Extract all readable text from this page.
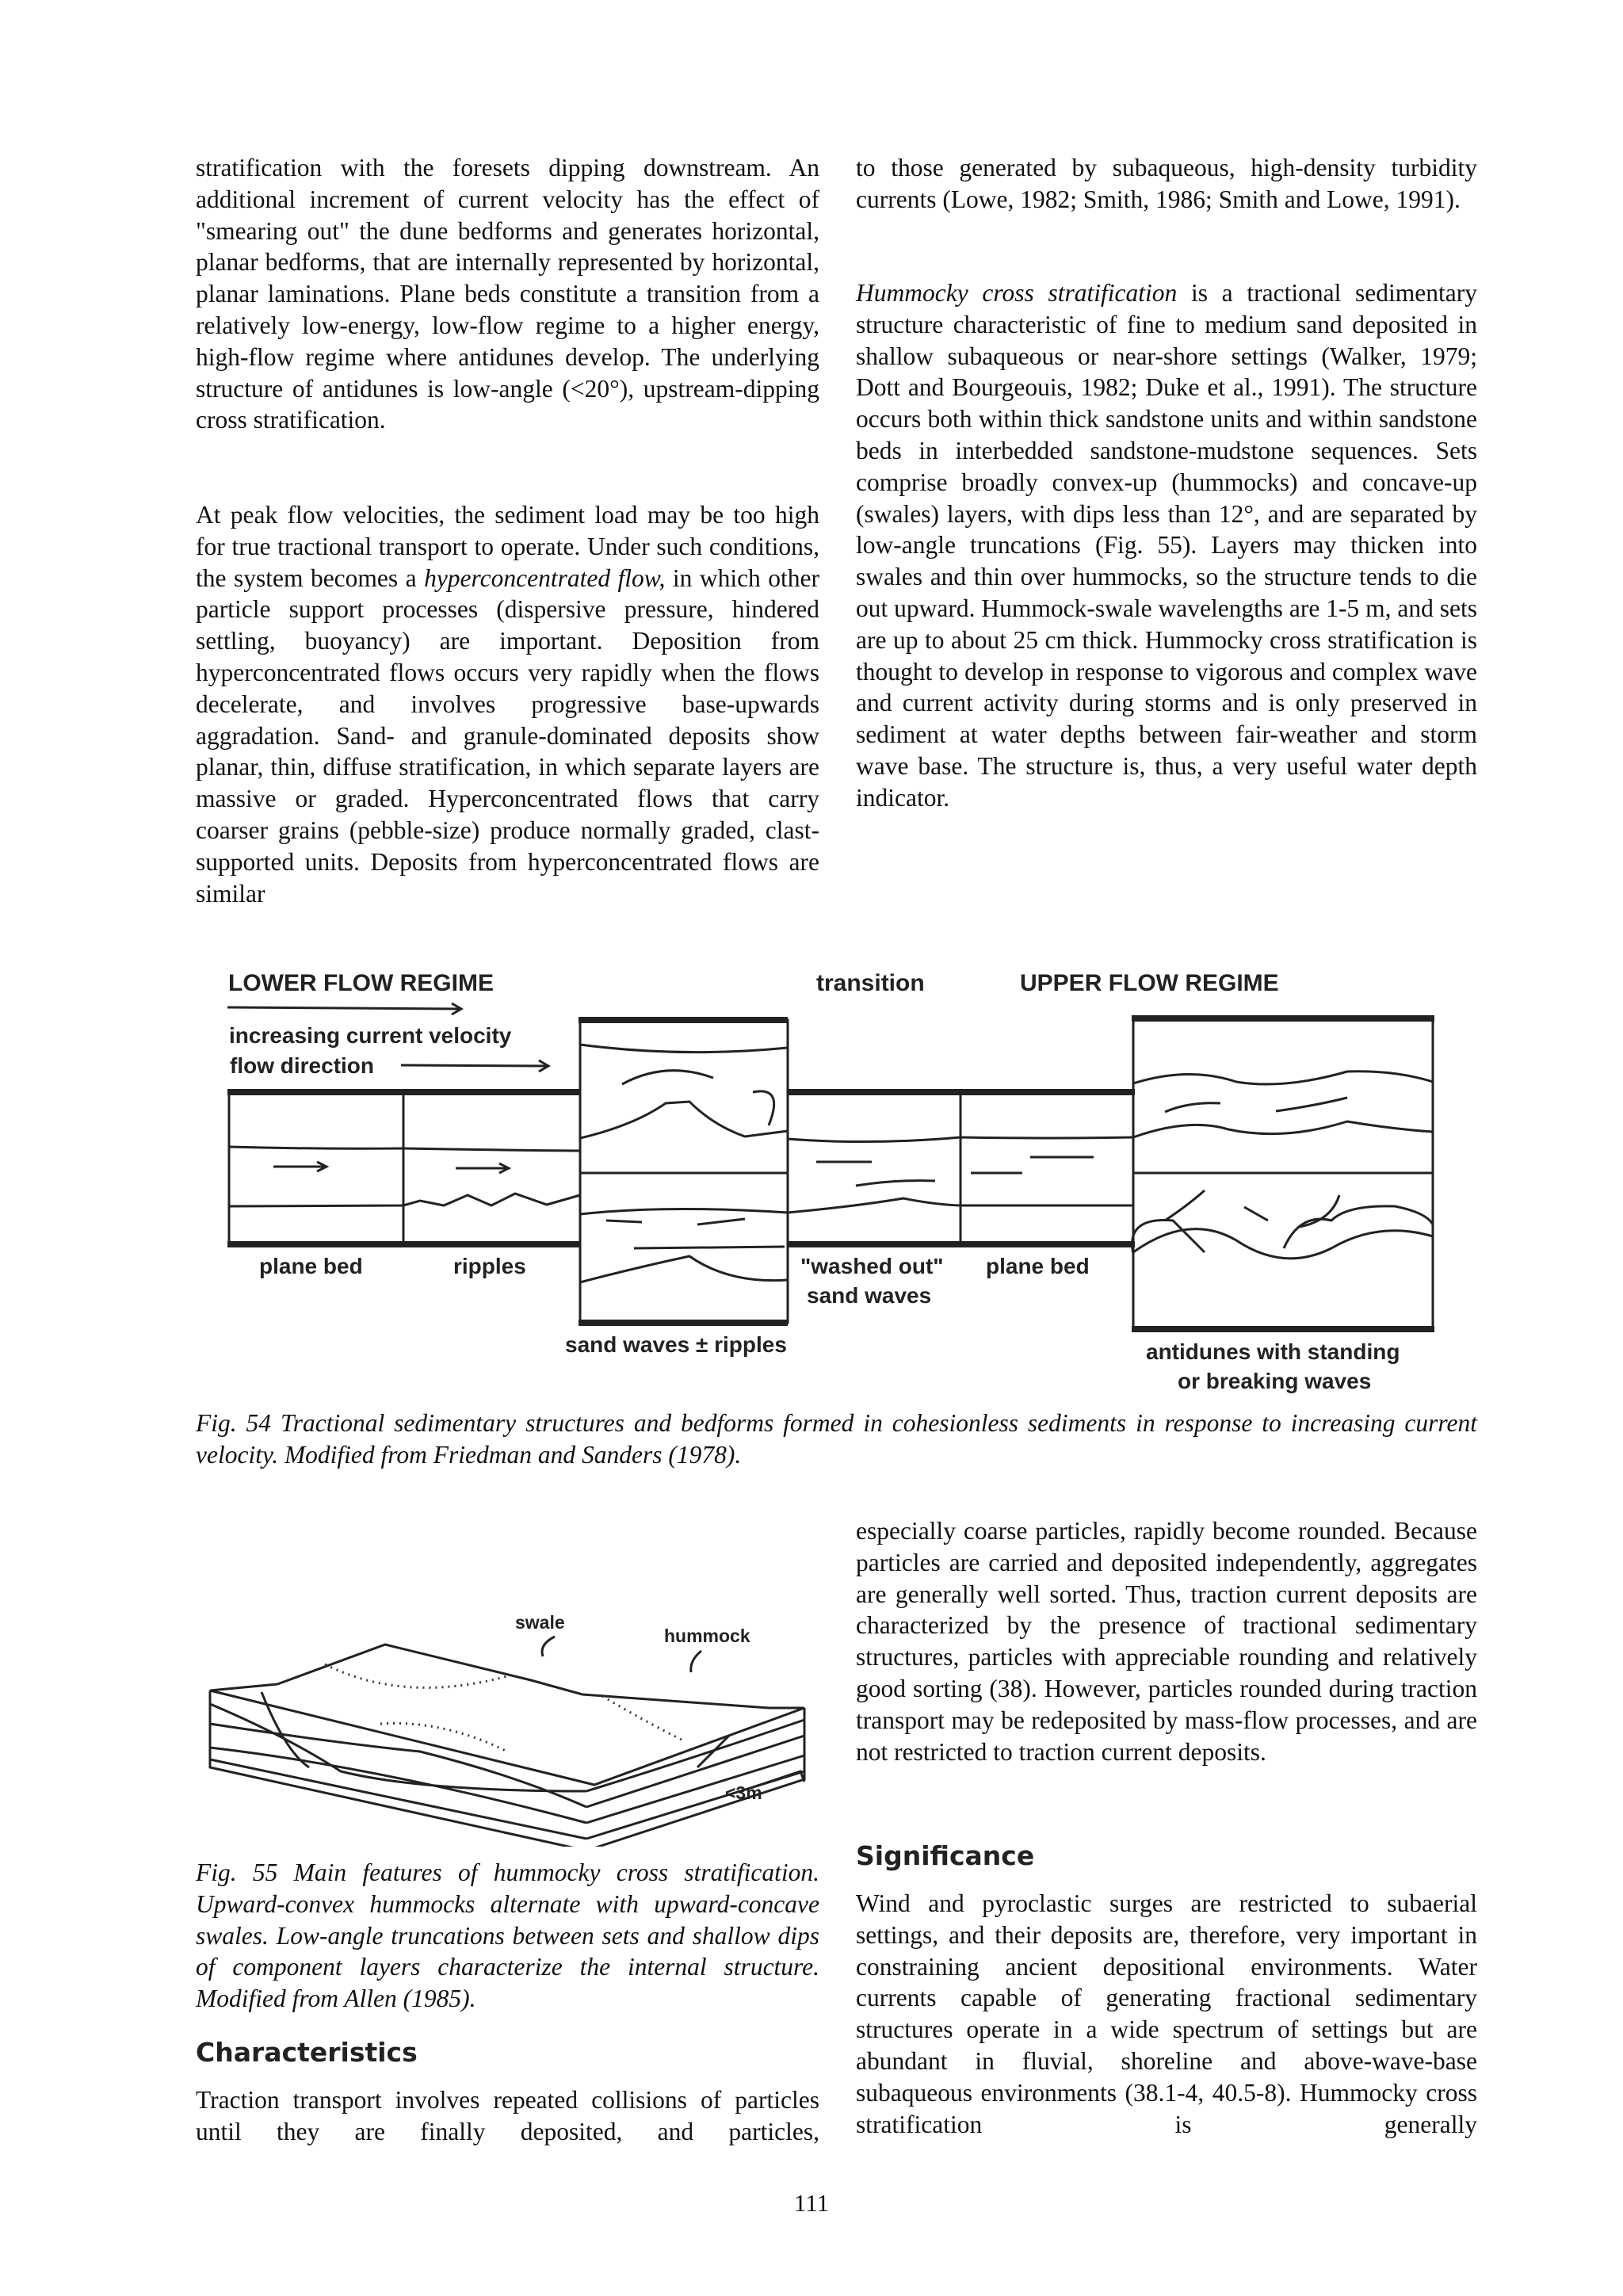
stratification with the foresets dipping downstream. An additional increment of current velocity has the effect of "smearing out" the dune bedforms and generates horizontal, planar bedforms, that are internally represented by horizontal, planar laminations. Plane beds constitute a transition from a relatively low-energy, low-flow regime to a higher energy, high-flow regime where antidunes develop. The underlying structure of antidunes is low-angle (<20°), upstream-dipping cross stratification.

At peak flow velocities, the sediment load may be too high for true tractional transport to operate. Under such conditions, the system becomes a hyperconcentrated flow, in which other particle support processes (dispersive pressure, hindered settling, buoyancy) are important. Deposition from hyperconcentrated flows occurs very rapidly when the flows decelerate, and involves progressive base-upwards aggradation. Sand- and granule-dominated deposits show planar, thin, diffuse stratification, in which separate layers are massive or graded. Hyperconcentrated flows that carry coarser grains (pebble-size) produce normally graded, clast-supported units. Deposits from hyperconcentrated flows are similar

to those generated by subaqueous, high-density turbidity currents (Lowe, 1982; Smith, 1986; Smith and Lowe, 1991).

Hummocky cross stratification is a tractional sedimentary structure characteristic of fine to medium sand deposited in shallow subaqueous or near-shore settings (Walker, 1979; Dott and Bourgeouis, 1982; Duke et al., 1991). The structure occurs both within thick sandstone units and within sandstone beds in interbedded sandstone-mudstone sequences. Sets comprise broadly convex-up (hummocks) and concave-up (swales) layers, with dips less than 12°, and are separated by low-angle truncations (Fig. 55). Layers may thicken into swales and thin over hummocks, so the structure tends to die out upward. Hummock-swale wavelengths are 1-5 m, and sets are up to about 25 cm thick. Hummocky cross stratification is thought to develop in response to vigorous and complex wave and current activity during storms and is only preserved in sediment at water depths between fair-weather and storm wave base. The structure is, thus, a very useful water depth indicator.

LOWER FLOW REGIME	transition	UPPER FLOW REGIME
increasing current velocity
flow direction
plane bed	ripples
sand waves ± ripples
"washed out"
sand waves
plane bed
antidunes with standing
or breaking waves

Fig. 54 Tractional sedimentary structures and bedforms formed in cohesionless sediments in response to increasing current velocity. Modified from Friedman and Sanders (1978).

swale
hummock
<3m

Fig. 55 Main features of hummocky cross stratification. Upward-convex hummocks alternate with upward-concave swales. Low-angle truncations between sets and shallow dips of component layers characterize the internal structure. Modified from Allen (1985).

Characteristics

Traction transport involves repeated collisions of particles until they are finally deposited, and particles,

especially coarse particles, rapidly become rounded. Because particles are carried and deposited independently, aggregates are generally well sorted. Thus, traction current deposits are characterized by the presence of tractional sedimentary structures, particles with appreciable rounding and relatively good sorting (38). However, particles rounded during traction transport may be redeposited by mass-flow processes, and are not restricted to traction current deposits.

Significance

Wind and pyroclastic surges are restricted to subaerial settings, and their deposits are, therefore, very important in constraining ancient depositional environments. Water currents capable of generating fractional sedimentary structures operate in a wide spectrum of settings but are abundant in fluvial, shoreline and above-wave-base subaqueous environments (38.1-4, 40.5-8). Hummocky cross stratification is generally

111
